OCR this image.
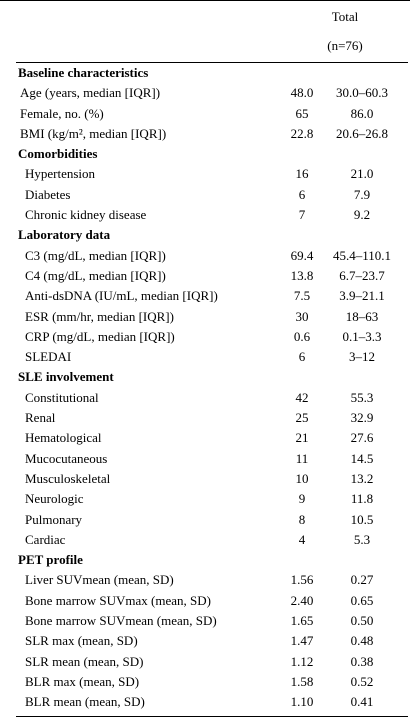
Total
(n=76)
Baseline characteristics
Age (years, median [IQR])	48.0	30.0–60.3
Female, no. (%)	65	86.0
BMI (kg/m², median [IQR])	22.8	20.6–26.8
Comorbidities
Hypertension	16	21.0
Diabetes	6	7.9
Chronic kidney disease	7	9.2
Laboratory data
C3 (mg/dL, median [IQR])	69.4	45.4–110.1
C4 (mg/dL, median [IQR])	13.8	6.7–23.7
Anti-dsDNA (IU/mL, median [IQR])	7.5	3.9–21.1
ESR (mm/hr, median [IQR])	30	18–63
CRP (mg/dL, median [IQR])	0.6	0.1–3.3
SLEDAI	6	3–12
SLE involvement
Constitutional	42	55.3
Renal	25	32.9
Hematological	21	27.6
Mucocutaneous	11	14.5
Musculoskeletal	10	13.2
Neurologic	9	11.8
Pulmonary	8	10.5
Cardiac	4	5.3
PET profile
Liver SUVmean (mean, SD)	1.56	0.27
Bone marrow SUVmax (mean, SD)	2.40	0.65
Bone marrow SUVmean (mean, SD)	1.65	0.50
SLR max (mean, SD)	1.47	0.48
SLR mean (mean, SD)	1.12	0.38
BLR max (mean, SD)	1.58	0.52
BLR mean (mean, SD)	1.10	0.41
